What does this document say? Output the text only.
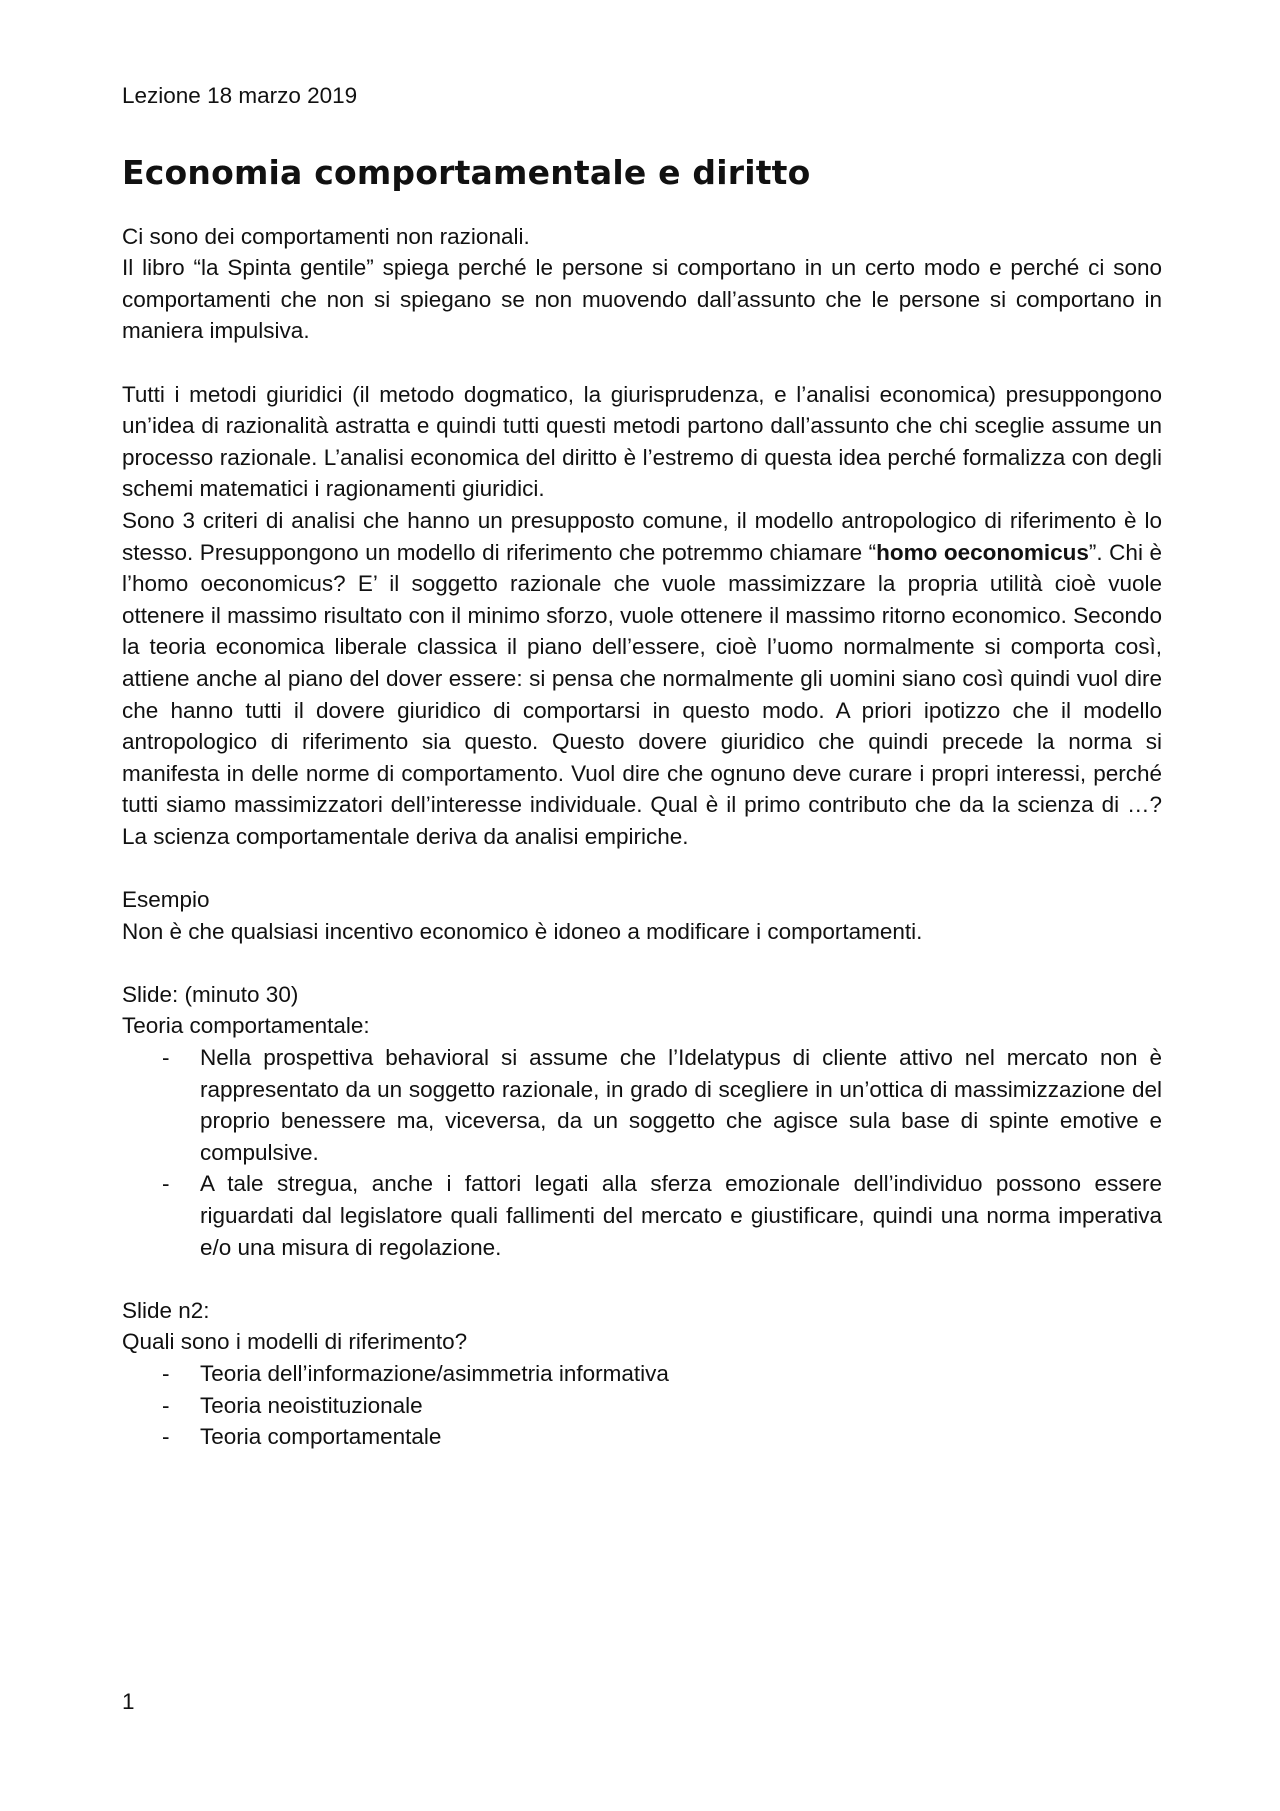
Lezione 18 marzo 2019

Economia comportamentale e diritto

Ci sono dei comportamenti non razionali.

Il libro “la Spinta gentile” spiega perché le persone si comportano in un certo modo e perché ci sono comportamenti che non si spiegano se non muovendo dall’assunto che le persone si comportano in maniera impulsiva.

Tutti i metodi giuridici (il metodo dogmatico, la giurisprudenza, e l’analisi economica) presuppongono un’idea di razionalità astratta e quindi tutti questi metodi partono dall’assunto che chi sceglie assume un processo razionale. L’analisi economica del diritto è l’estremo di questa idea perché formalizza con degli schemi matematici i ragionamenti giuridici.

Sono 3 criteri di analisi che hanno un presupposto comune, il modello antropologico di riferimento è lo stesso. Presuppongono un modello di riferimento che potremmo chiamare “homo oeconomicus”. Chi è l’homo oeconomicus? E’ il soggetto razionale che vuole massimizzare la propria utilità cioè vuole ottenere il massimo risultato con il minimo sforzo, vuole ottenere il massimo ritorno economico. Secondo la teoria economica liberale classica il piano dell’essere, cioè l’uomo normalmente si comporta così, attiene anche al piano del dover essere: si pensa che normalmente gli uomini siano così quindi vuol dire che hanno tutti il dovere giuridico di comportarsi in questo modo. A priori ipotizzo che il modello antropologico di riferimento sia questo. Questo dovere giuridico che quindi precede la norma si manifesta in delle norme di comportamento. Vuol dire che ognuno deve curare i propri interessi, perché tutti siamo massimizzatori dell’interesse individuale. Qual è il primo contributo che da la scienza di …? La scienza comportamentale deriva da analisi empiriche.

Esempio

Non è che qualsiasi incentivo economico è idoneo a modificare i comportamenti.

Slide: (minuto 30)

Teoria comportamentale:

- Nella prospettiva behavioral si assume che l’Idelatypus di cliente attivo nel mercato non è rappresentato da un soggetto razionale, in grado di scegliere in un’ottica di massimizzazione del proprio benessere ma, viceversa, da un soggetto che agisce sula base di spinte emotive e compulsive.
- A tale stregua, anche i fattori legati alla sferza emozionale dell’individuo possono essere riguardati dal legislatore quali fallimenti del mercato e giustificare, quindi una norma imperativa e/o una misura di regolazione.

Slide n2:

Quali sono i modelli di riferimento?

- Teoria dell’informazione/asimmetria informativa
- Teoria neoistituzionale
- Teoria comportamentale
1
